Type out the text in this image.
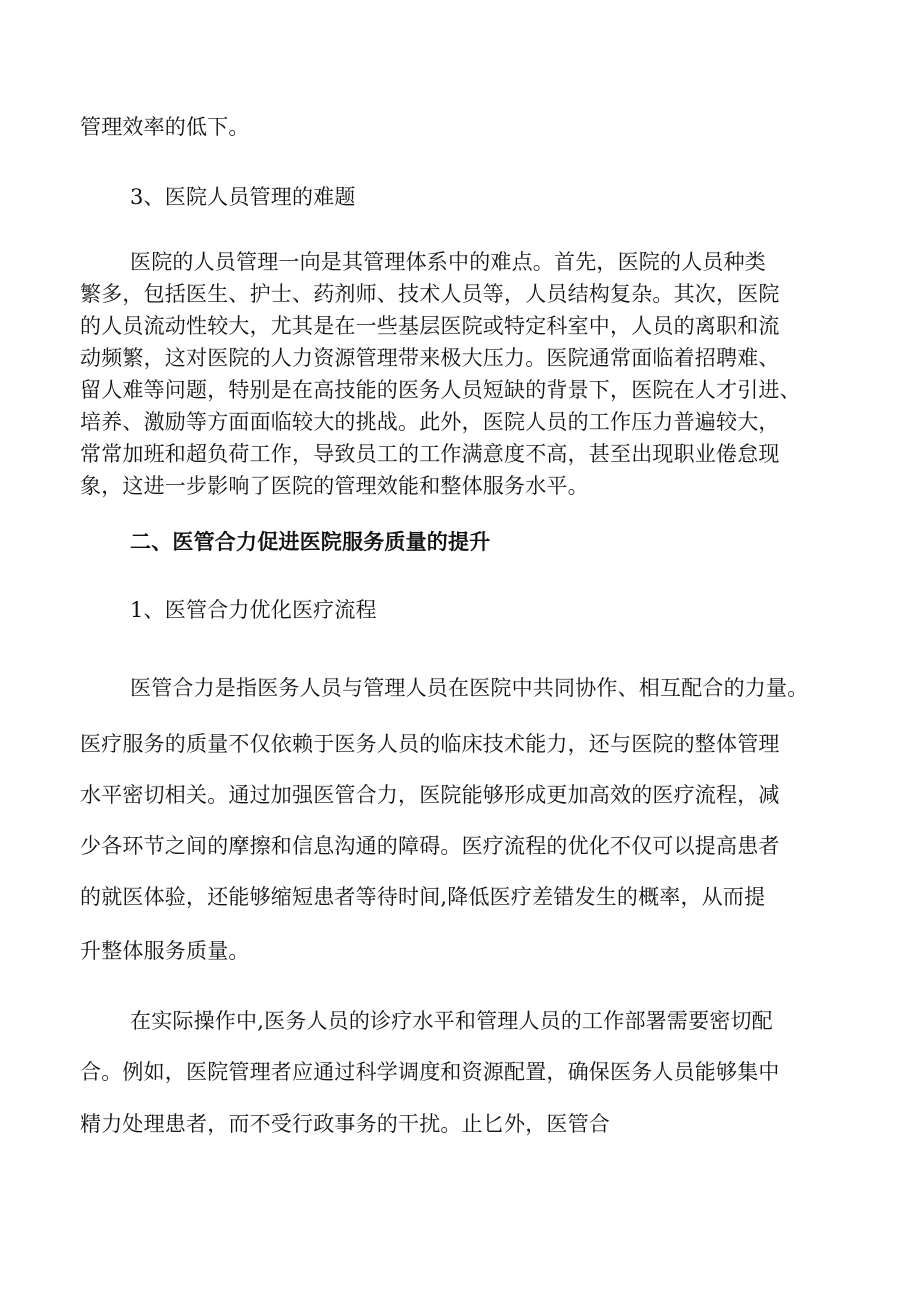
管理效率的低下。
3、医院人员管理的难题
医院的人员管理一向是其管理体系中的难点。首先，医院的人员种类
繁多，包括医生、护士、药剂师、技术人员等，人员结构复杂。其次，医院
的人员流动性较大，尤其是在一些基层医院或特定科室中，人员的离职和流
动频繁，这对医院的人力资源管理带来极大压力。医院通常面临着招聘难、
留人难等问题，特别是在高技能的医务人员短缺的背景下，医院在人才引进、
培养、激励等方面面临较大的挑战。此外，医院人员的工作压力普遍较大，
常常加班和超负荷工作，导致员工的工作满意度不高，甚至出现职业倦怠现
象，这进一步影响了医院的管理效能和整体服务水平。
二、医管合力促进医院服务质量的提升
1、医管合力优化医疗流程
医管合力是指医务人员与管理人员在医院中共同协作、相互配合的力量。
医疗服务的质量不仅依赖于医务人员的临床技术能力，还与医院的整体管理
水平密切相关。通过加强医管合力，医院能够形成更加高效的医疗流程，减
少各环节之间的摩擦和信息沟通的障碍。医疗流程的优化不仅可以提高患者
的就医体验，还能够缩短患者等待时间,降低医疗差错发生的概率，从而提
升整体服务质量。
在实际操作中,医务人员的诊疗水平和管理人员的工作部署需要密切配
合。例如，医院管理者应通过科学调度和资源配置，确保医务人员能够集中
精力处理患者，而不受行政事务的干扰。止匕外，医管合
